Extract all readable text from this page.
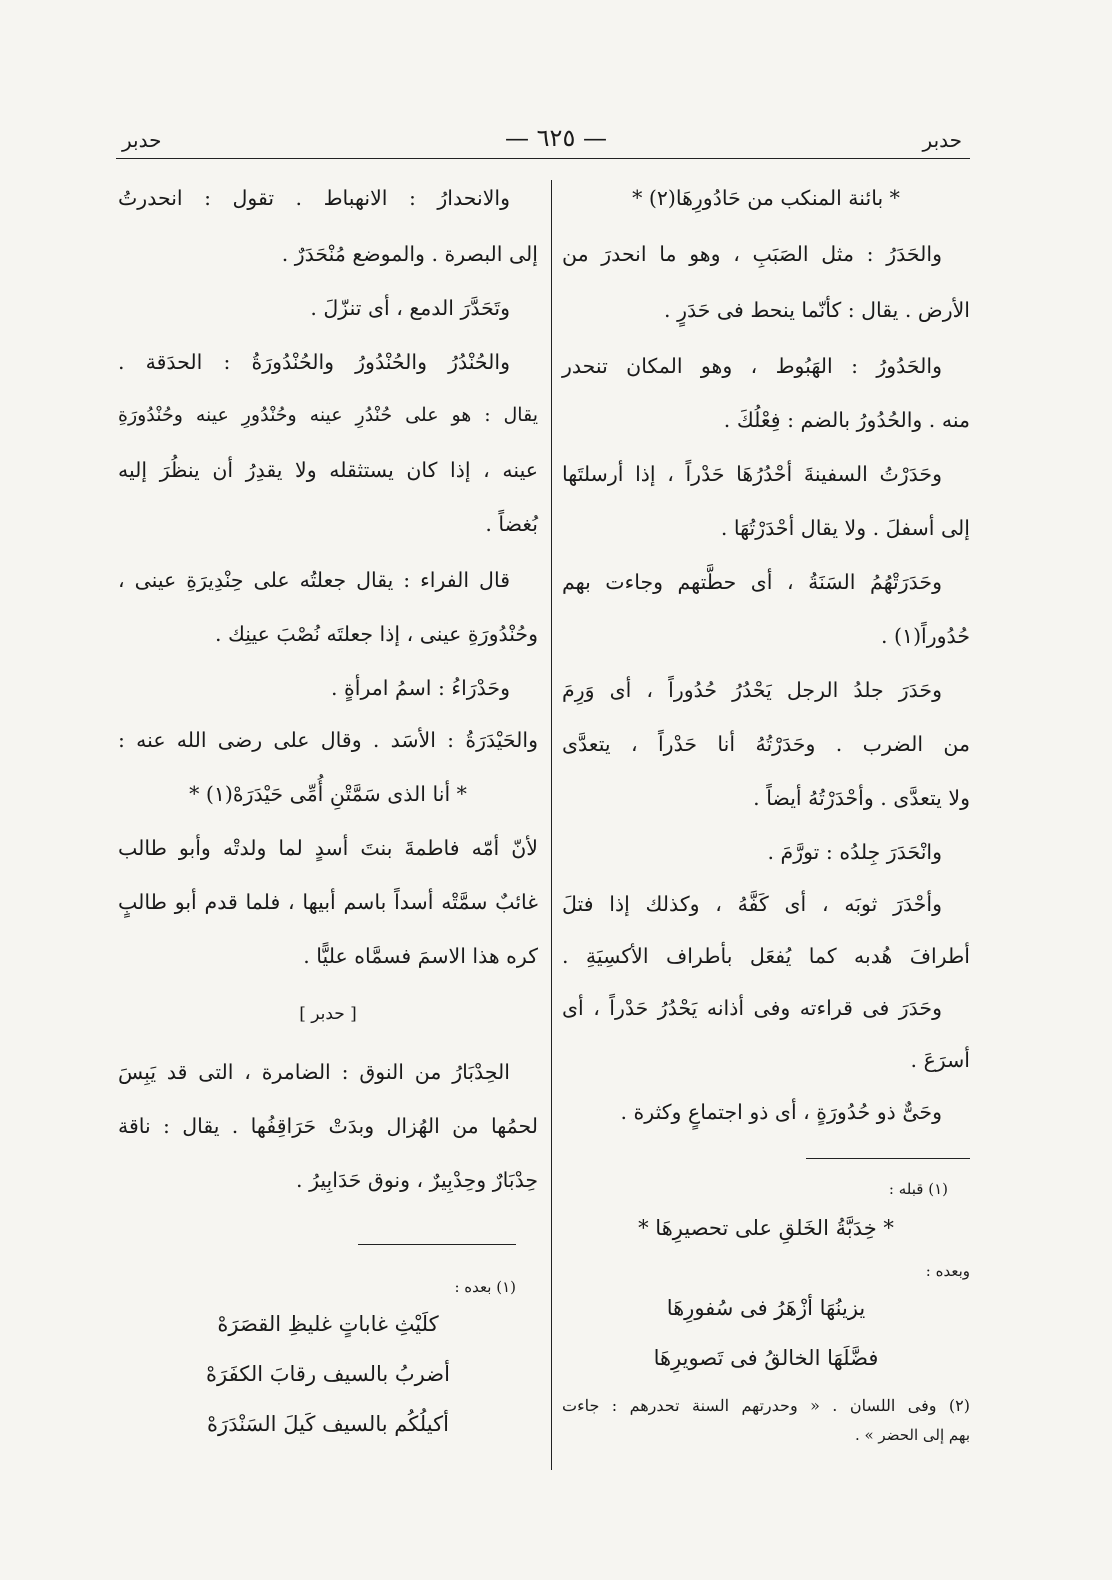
حدبر
— ٦٢٥ —
حدبر
* بائنة المنكب من حَادُورِهَا(٢) *
والحَدَرُ : مثل الصَبَبِ ، وهو ما انحدرَ من
الأرض . يقال : كأنّما ينحط فى حَدَرٍ .
والحَدُورُ : الهَبُوط ، وهو المكان تنحدر
منه . والحُدُورُ بالضم : فِعْلُكَ .
وحَدَرْتُ السفينةَ أحْدُرُهَا حَدْراً ، إذا أرسلتَها
إلى أسفلَ . ولا يقال أحْدَرْتُهَا .
وحَدَرَتْهُمُ السَنَةُ ، أى حطَّتهم وجاءت بهم
حُدُوراً(١) .
وحَدَرَ جلدُ الرجل يَحْدُرُ حُدُوراً ، أى وَرِمَ
من الضرب . وحَدَرْتُهُ أنا حَدْراً ، يتعدَّى
ولا يتعدَّى . وأحْدَرْتُهُ أيضاً .
وانْحَدَرَ جِلدُه : تورَّمَ .
وأحْدَرَ ثوبَه ، أى كَفَّهُ ، وكذلك إذا فتلَ
أطرافَ هُدبه كما يُفعَل بأطراف الأكسِيَةِ .
وحَدَرَ فى قراءته وفى أذانه يَحْدُرُ حَدْراً ، أى
أسرَعَ .
وحَىٌّ ذو حُدُورَةٍ ، أى ذو اجتماعٍ وكثرة .
(١) قبله :
* خِدَبَّةُ الخَلقِ على تحصيرِهَا *
وبعده :
يزينُهَا أزْهَرُ فى سُفورِهَا
فضَّلَهَا الخالقُ فى تَصويرِهَا
(٢) وفى اللسان . « وحدرتهم السنة تحدرهم : جاءت
بهم إلى الحضر » .
والانحدارُ : الانهباط . تقول : انحدرتُ
إلى البصرة . والموضع مُنْحَدَرٌ .
وتَحَدَّرَ الدمع ، أى تنزّلَ .
والحُنْدُرُ والحُنْدُورُ والحُنْدُورَةُ : الحدَقة .
يقال : هو على حُنْدُرِ عينه وحُنْدُورِ عينه وحُنْدُورَةِ
عينه ، إذا كان يستثقله ولا يقدِرُ أن ينظُرَ إليه
بُغضاً .
قال الفراء : يقال جعلتُه على حِنْدِيرَةِ عينى ،
وحُنْدُورَةِ عينى ، إذا جعلتَه نُصْبَ عينِك .
وحَدْرَاءُ : اسمُ امرأةٍ .
والحَيْدَرَةُ : الأسَد . وقال على رضى الله عنه :
* أنا الذى سَمَّتْنِ أُمِّى حَيْدَرَهْ(١) *
لأنّ أمّه فاطمةَ بنتَ أسدٍ لما ولدتْه وأبو طالب
غائبٌ سمَّتْه أسداً باسم أبيها ، فلما قدم أبو طالبٍ
كره هذا الاسمَ فسمَّاه عليًّا .
[ حدبر ]
الحِدْبَارُ من النوق : الضامرة ، التى قد يَبِسَ
لحمُها من الهُزال وبدَتْ حَرَاقِفُها . يقال : ناقة
حِدْبَارٌ وحِدْبِيرٌ ، ونوق حَدَابِيرُ .
(١) بعده :
كلَيْثِ غاباتٍ غليظِ القصَرَهْ
أضربُ بالسيف رقابَ الكفَرَهْ
أكيلُكُم بالسيف كَيلَ السَنْدَرَهْ
